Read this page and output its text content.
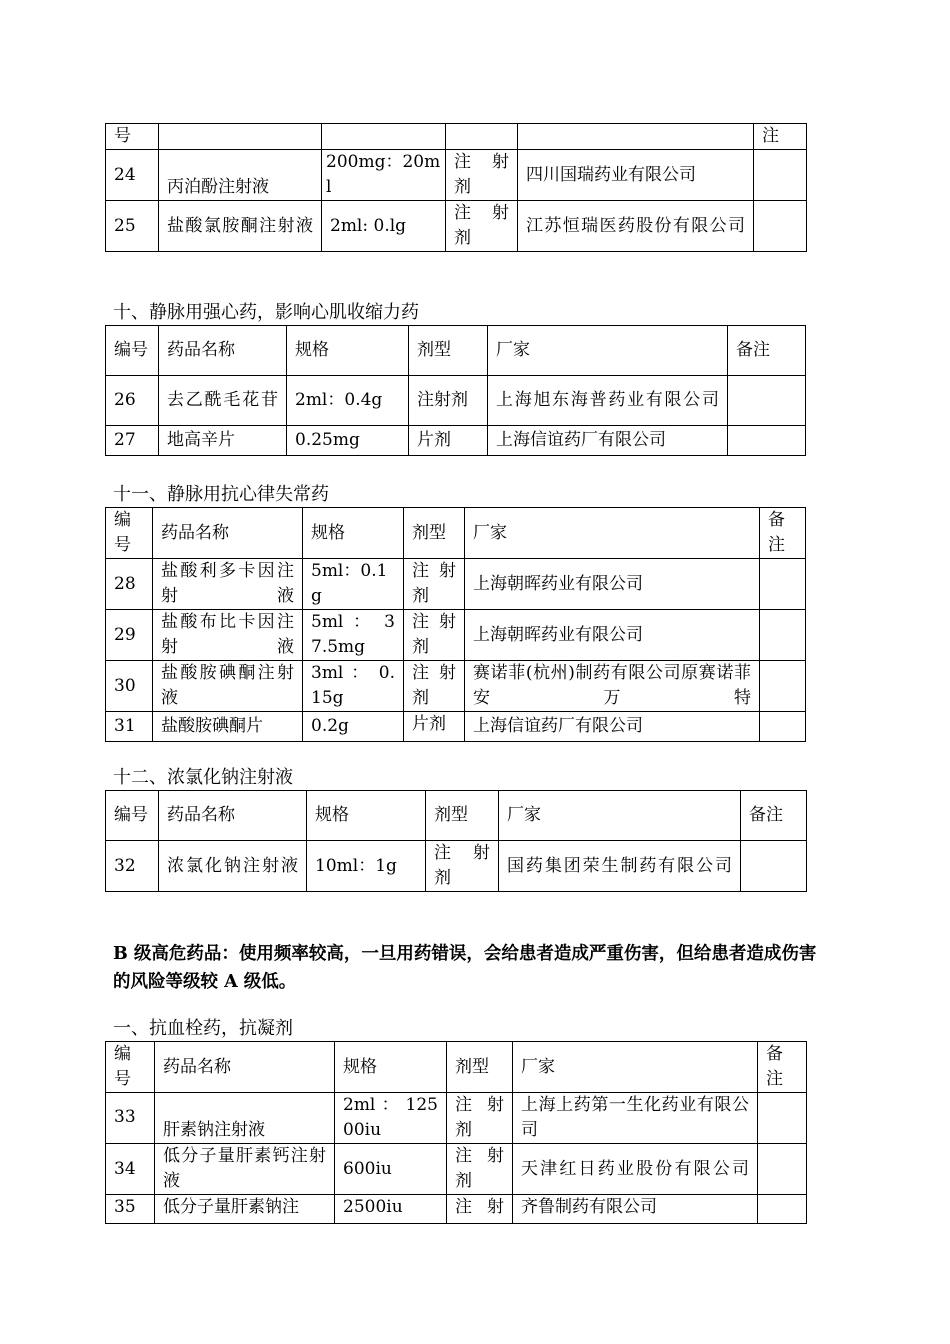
号					注
24	丙泊酚注射液	200mg：20ml	注 射 剂	四川国瑞药业有限公司	
25	盐酸氯胺酮注射液	2ml: 0.lg	注 射 剂	江苏恒瑞医药股份有限公司	
十、静脉用强心药，影响心肌收缩力药
编号	药品名称	规格	剂型	厂家	备注
26	去乙酰毛花苷	2ml：0.4g	注射剂	上海旭东海普药业有限公司	
27	地高辛片	0.25mg	片剂	上海信谊药厂有限公司	
十一、静脉用抗心律失常药
编号	药品名称	规格	剂型	厂家	备注
28	盐酸利多卡因注射液	5ml：0.1g	注射剂	上海朝晖药业有限公司	
29	盐酸布比卡因注射液	5ml ： 37.5mg	注射剂	上海朝晖药业有限公司	
30	盐酸胺碘酮注射液	3ml ： 0.15g	注射剂	赛诺菲(杭州)制药有限公司原赛诺菲安万特	
31	盐酸胺碘酮片	0.2g	片剂	上海信谊药厂有限公司	
十二、浓氯化钠注射液
编号	药品名称	规格	剂型	厂家	备注
32	浓氯化钠注射液	10ml：1g	注 射 剂	国药集团荣生制药有限公司	
B 级高危药品：使用频率较高，一旦用药错误，会给患者造成严重伤害，但给患者造成伤害的风险等级较 A 级低。
一、抗血栓药，抗凝剂
编号	药品名称	规格	剂型	厂家	备注
33	肝素钠注射液	2ml ： 12500iu	注 射 剂	上海上药第一生化药业有限公司	
34	低分子量肝素钙注射液	600iu	注 射 剂	天津红日药业股份有限公司	
35	低分子量肝素钠注	2500iu	注 射	齐鲁制药有限公司	
